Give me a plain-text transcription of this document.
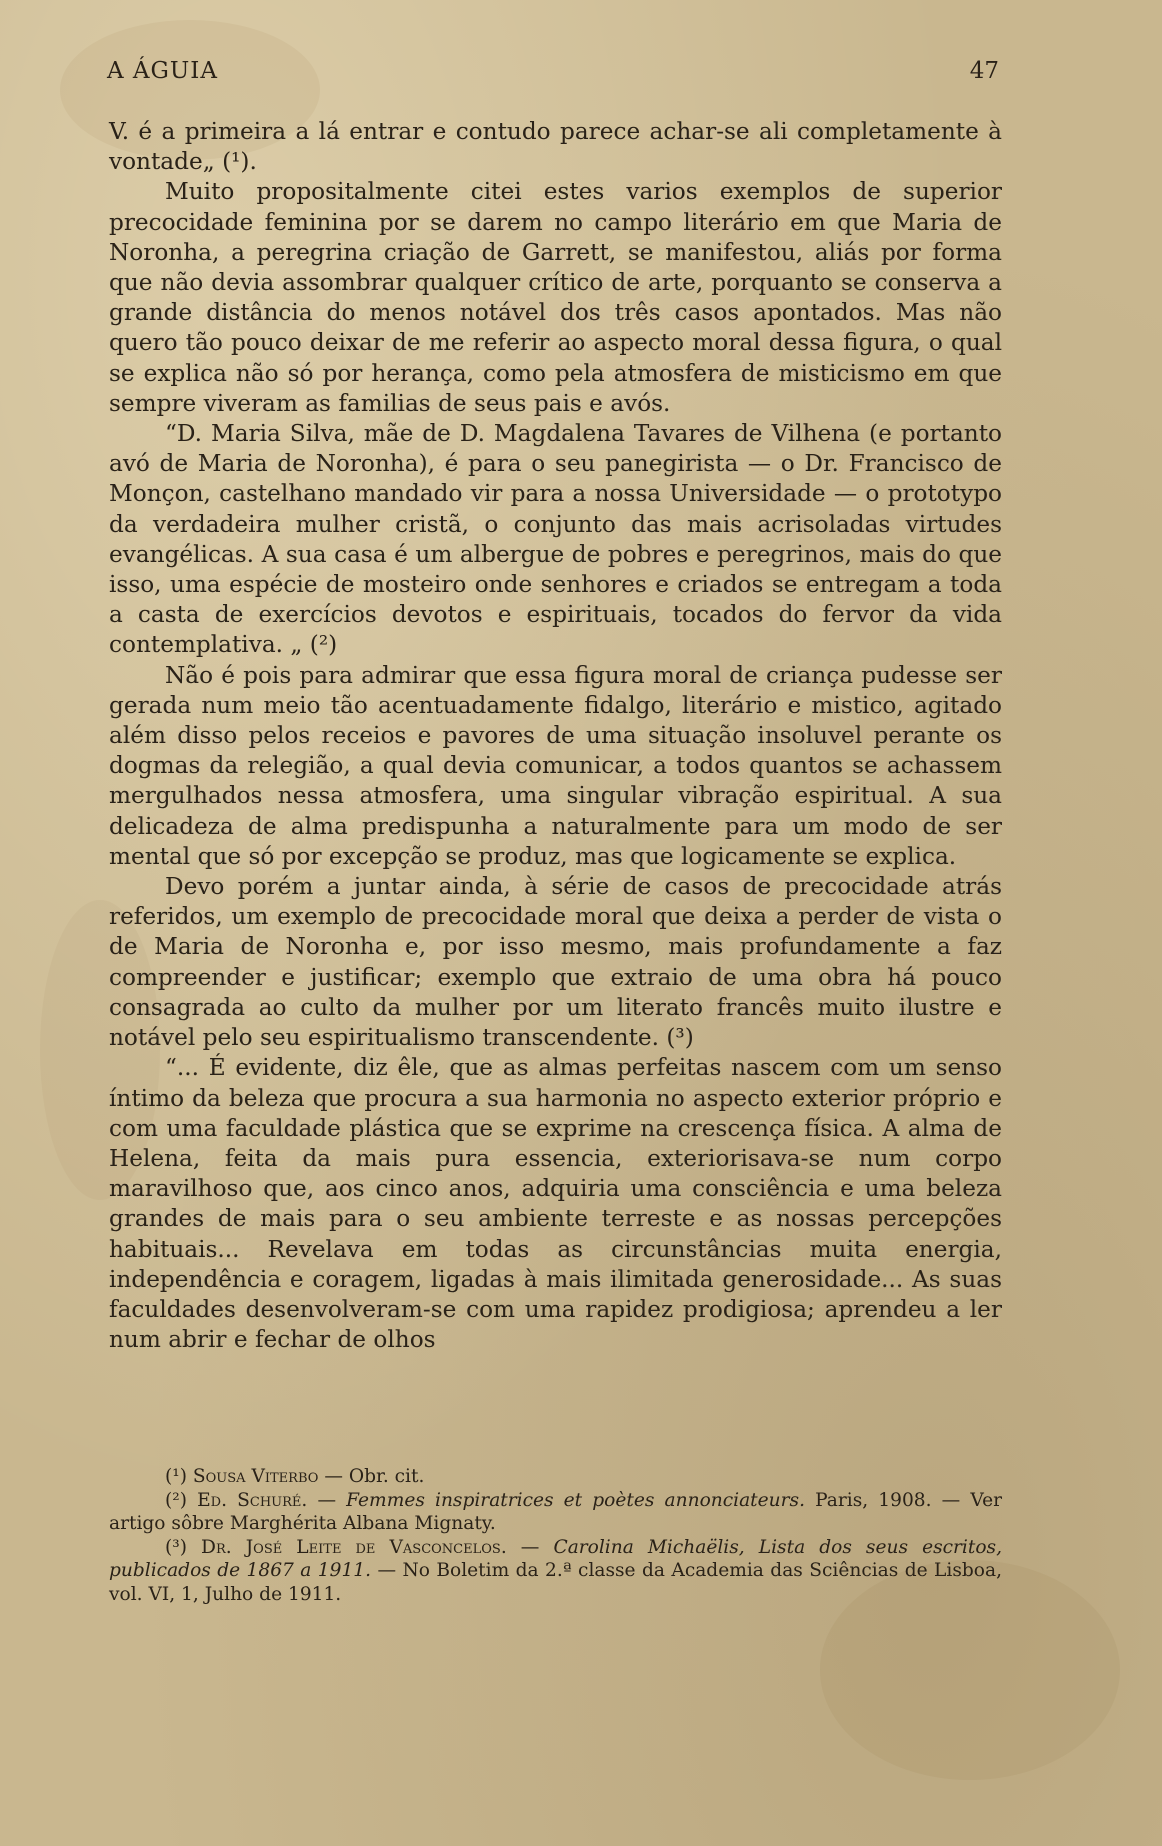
A ÁGUIA	47

V. é a primeira a lá entrar e contudo parece achar-se ali completamente à vontade„ (¹).

Muito propositalmente citei estes varios exemplos de superior precocidade feminina por se darem no campo literário em que Maria de Noronha, a peregrina criação de Garrett, se manifestou, aliás por forma que não devia assombrar qualquer crítico de arte, porquanto se conserva a grande distância do menos notável dos três casos apontados. Mas não quero tão pouco deixar de me referir ao aspecto moral dessa figura, o qual se explica não só por herança, como pela atmosfera de misticismo em que sempre viveram as familias de seus pais e avós.

“D. Maria Silva, mãe de D. Magdalena Tavares de Vilhena (e portanto avó de Maria de Noronha), é para o seu panegirista — o Dr. Francisco de Monçon, castelhano mandado vir para a nossa Universidade — o prototypo da verdadeira mulher cristã, o conjunto das mais acrisoladas virtudes evangélicas. A sua casa é um albergue de pobres e peregrinos, mais do que isso, uma espécie de mosteiro onde senhores e criados se entregam a toda a casta de exercícios devotos e espirituais, tocados do fervor da vida contemplativa. „ (²)

Não é pois para admirar que essa figura moral de criança pudesse ser gerada num meio tão acentuadamente fidalgo, literário e mistico, agitado além disso pelos receios e pavores de uma situação insoluvel perante os dogmas da relegião, a qual devia comunicar, a todos quantos se achassem mergulhados nessa atmosfera, uma singular vibração espiritual. A sua delicadeza de alma predispunha a naturalmente para um modo de ser mental que só por excepção se produz, mas que logicamente se explica.

Devo porém a juntar ainda, à série de casos de precocidade atrás referidos, um exemplo de precocidade moral que deixa a perder de vista o de Maria de Noronha e, por isso mesmo, mais profundamente a faz compreender e justificar; exemplo que extraio de uma obra há pouco consagrada ao culto da mulher por um literato francês muito ilustre e notável pelo seu espiritualismo transcendente. (³)

“... É evidente, diz êle, que as almas perfeitas nascem com um senso íntimo da beleza que procura a sua harmonia no aspecto exterior próprio e com uma faculdade plástica que se exprime na crescença física. A alma de Helena, feita da mais pura essencia, exteriorisava-se num corpo maravilhoso que, aos cinco anos, adquiria uma consciência e uma beleza grandes de mais para o seu ambiente terreste e as nossas percepções habituais... Revelava em todas as circunstâncias muita energia, independência e coragem, ligadas à mais ilimitada generosidade... As suas faculdades desenvolveram-se com uma rapidez prodigiosa; aprendeu a ler num abrir e fechar de olhos

(¹) Sousa Viterbo — Obr. cit.

(²) Ed. Schuré. — Femmes inspiratrices et poètes annonciateurs. Paris, 1908. — Ver artigo sôbre Marghérita Albana Mignaty.

(³) Dr. José Leite de Vasconcelos. — Carolina Michaëlis, Lista dos seus escritos, publicados de 1867 a 1911. — No Boletim da 2.ª classe da Academia das Sciências de Lisboa, vol. VI, 1, Julho de 1911.
